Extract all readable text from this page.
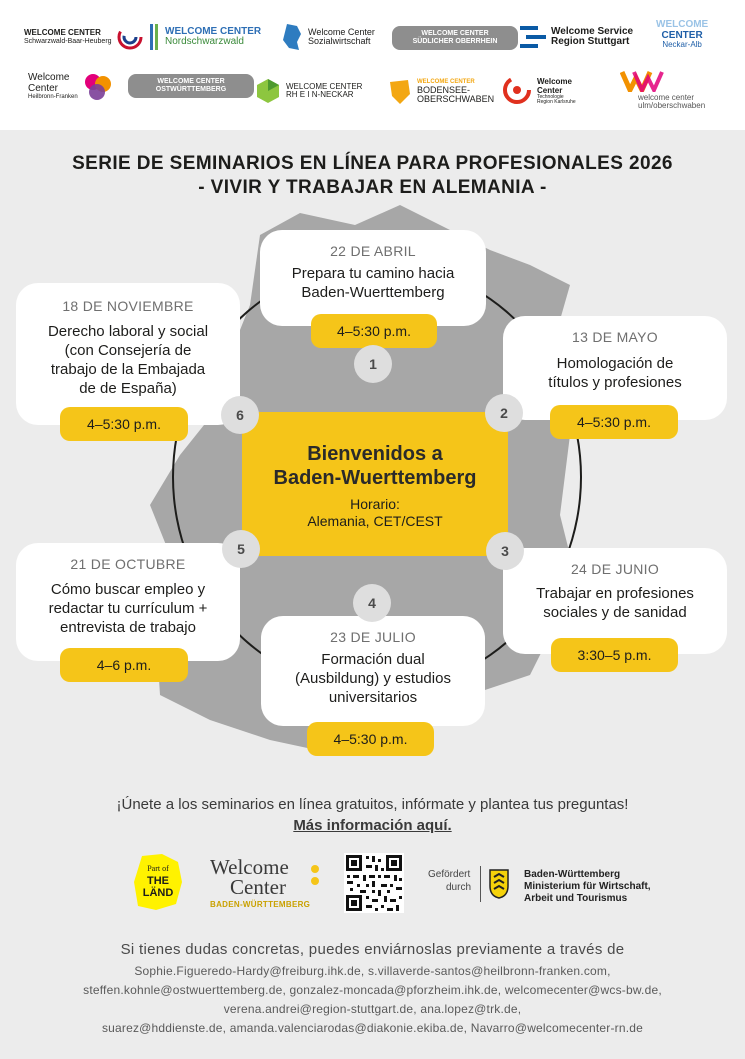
WELCOME CENTER
Schwarzwald-Baar-Heuberg
WELCOME CENTER
Nordschwarzwald
Welcome Center
Sozialwirtschaft
WELCOME CENTER
SÜDLICHER OBERRHEIN
Welcome Service
Region Stuttgart
WELCOME
CENTER
Neckar-Alb
Welcome
Center
Heilbronn-Franken
WELCOME CENTER
OSTWÜRTTEMBERG	WELCOME CENTER
RH E I N-NECKAR
WELCOME CENTER
BODENSEE-
OBERSCHWABEN
Welcome
Center
Technologie Region Karlsruhe
welcome center
ulm/oberschwaben
SERIE DE SEMINARIOS EN LÍNEA PARA PROFESIONALES 2026
- VIVIR Y TRABAJAR EN ALEMANIA -
Bienvenidos a
Baden-Wuerttemberg
Horario:
Alemania, CET/CEST
22 DE ABRIL
Prepara tu camino hacia
Baden-Wuerttemberg
4–5:30 p.m.
1
13 DE MAYO
Homologación de
títulos y profesiones
4–5:30 p.m.
2
24 DE JUNIO
Trabajar en profesiones
sociales y de sanidad
3:30–5 p.m.
3
23 DE JULIO
Formación dual
(Ausbildung) y estudios
universitarios
4–5:30 p.m.
4
21 DE OCTUBRE
Cómo buscar empleo y
redactar tu currículum +
entrevista de trabajo
4–6 p.m.
5
18 DE NOVIEMBRE
Derecho laboral y social
(con Consejería de
trabajo de la Embajada
de de España)
4–5:30 p.m.
6
¡Únete a los seminarios en línea gratuitos, infórmate y plantea tus preguntas!
Más información aquí.
Part of
THE
LÄND
Welcome
Center
BADEN-WÜRTTEMBERG
Gefördert
durch
Baden-Württemberg
Ministerium für Wirtschaft,
Arbeit und Tourismus
Si tienes dudas concretas, puedes enviárnoslas previamente a través de
Sophie.Figueredo-Hardy@freiburg.ihk.de, s.villaverde-santos@heilbronn-franken.com,
steffen.kohnle@ostwuerttemberg.de, gonzalez-moncada@pforzheim.ihk.de, welcomecenter@wcs-bw.de,
verena.andrei@region-stuttgart.de, ana.lopez@trk.de,
suarez@hddienste.de, amanda.valenciarodas@diakonie.ekiba.de, Navarro@welcomecenter-rn.de
